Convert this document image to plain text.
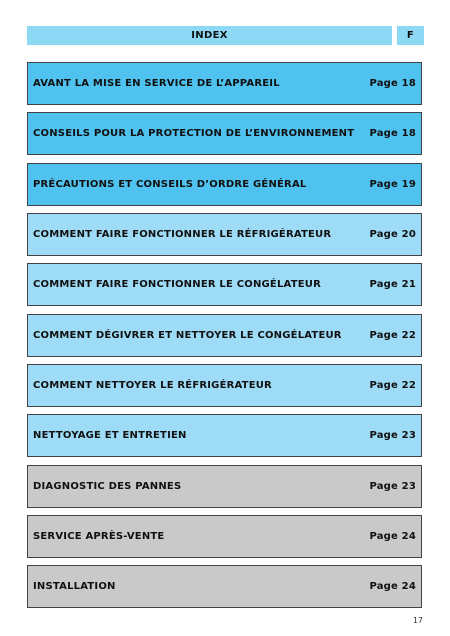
INDEX	F
AVANT LA MISE EN SERVICE DE L’APPAREIL	Page 18
CONSEILS POUR LA PROTECTION DE L’ENVIRONNEMENT	Page 18
PRÉCAUTIONS ET CONSEILS D’ORDRE GÉNÉRAL	Page 19
COMMENT FAIRE FONCTIONNER LE RÉFRIGÉRATEUR	Page 20
COMMENT FAIRE FONCTIONNER LE CONGÉLATEUR	Page 21
COMMENT DÉGIVRER ET NETTOYER LE CONGÉLATEUR	Page 22
COMMENT NETTOYER LE RÉFRIGÉRATEUR	Page 22
NETTOYAGE ET ENTRETIEN	Page 23
DIAGNOSTIC DES PANNES	Page 23
SERVICE APRÈS-VENTE	Page 24
INSTALLATION	Page 24
17
